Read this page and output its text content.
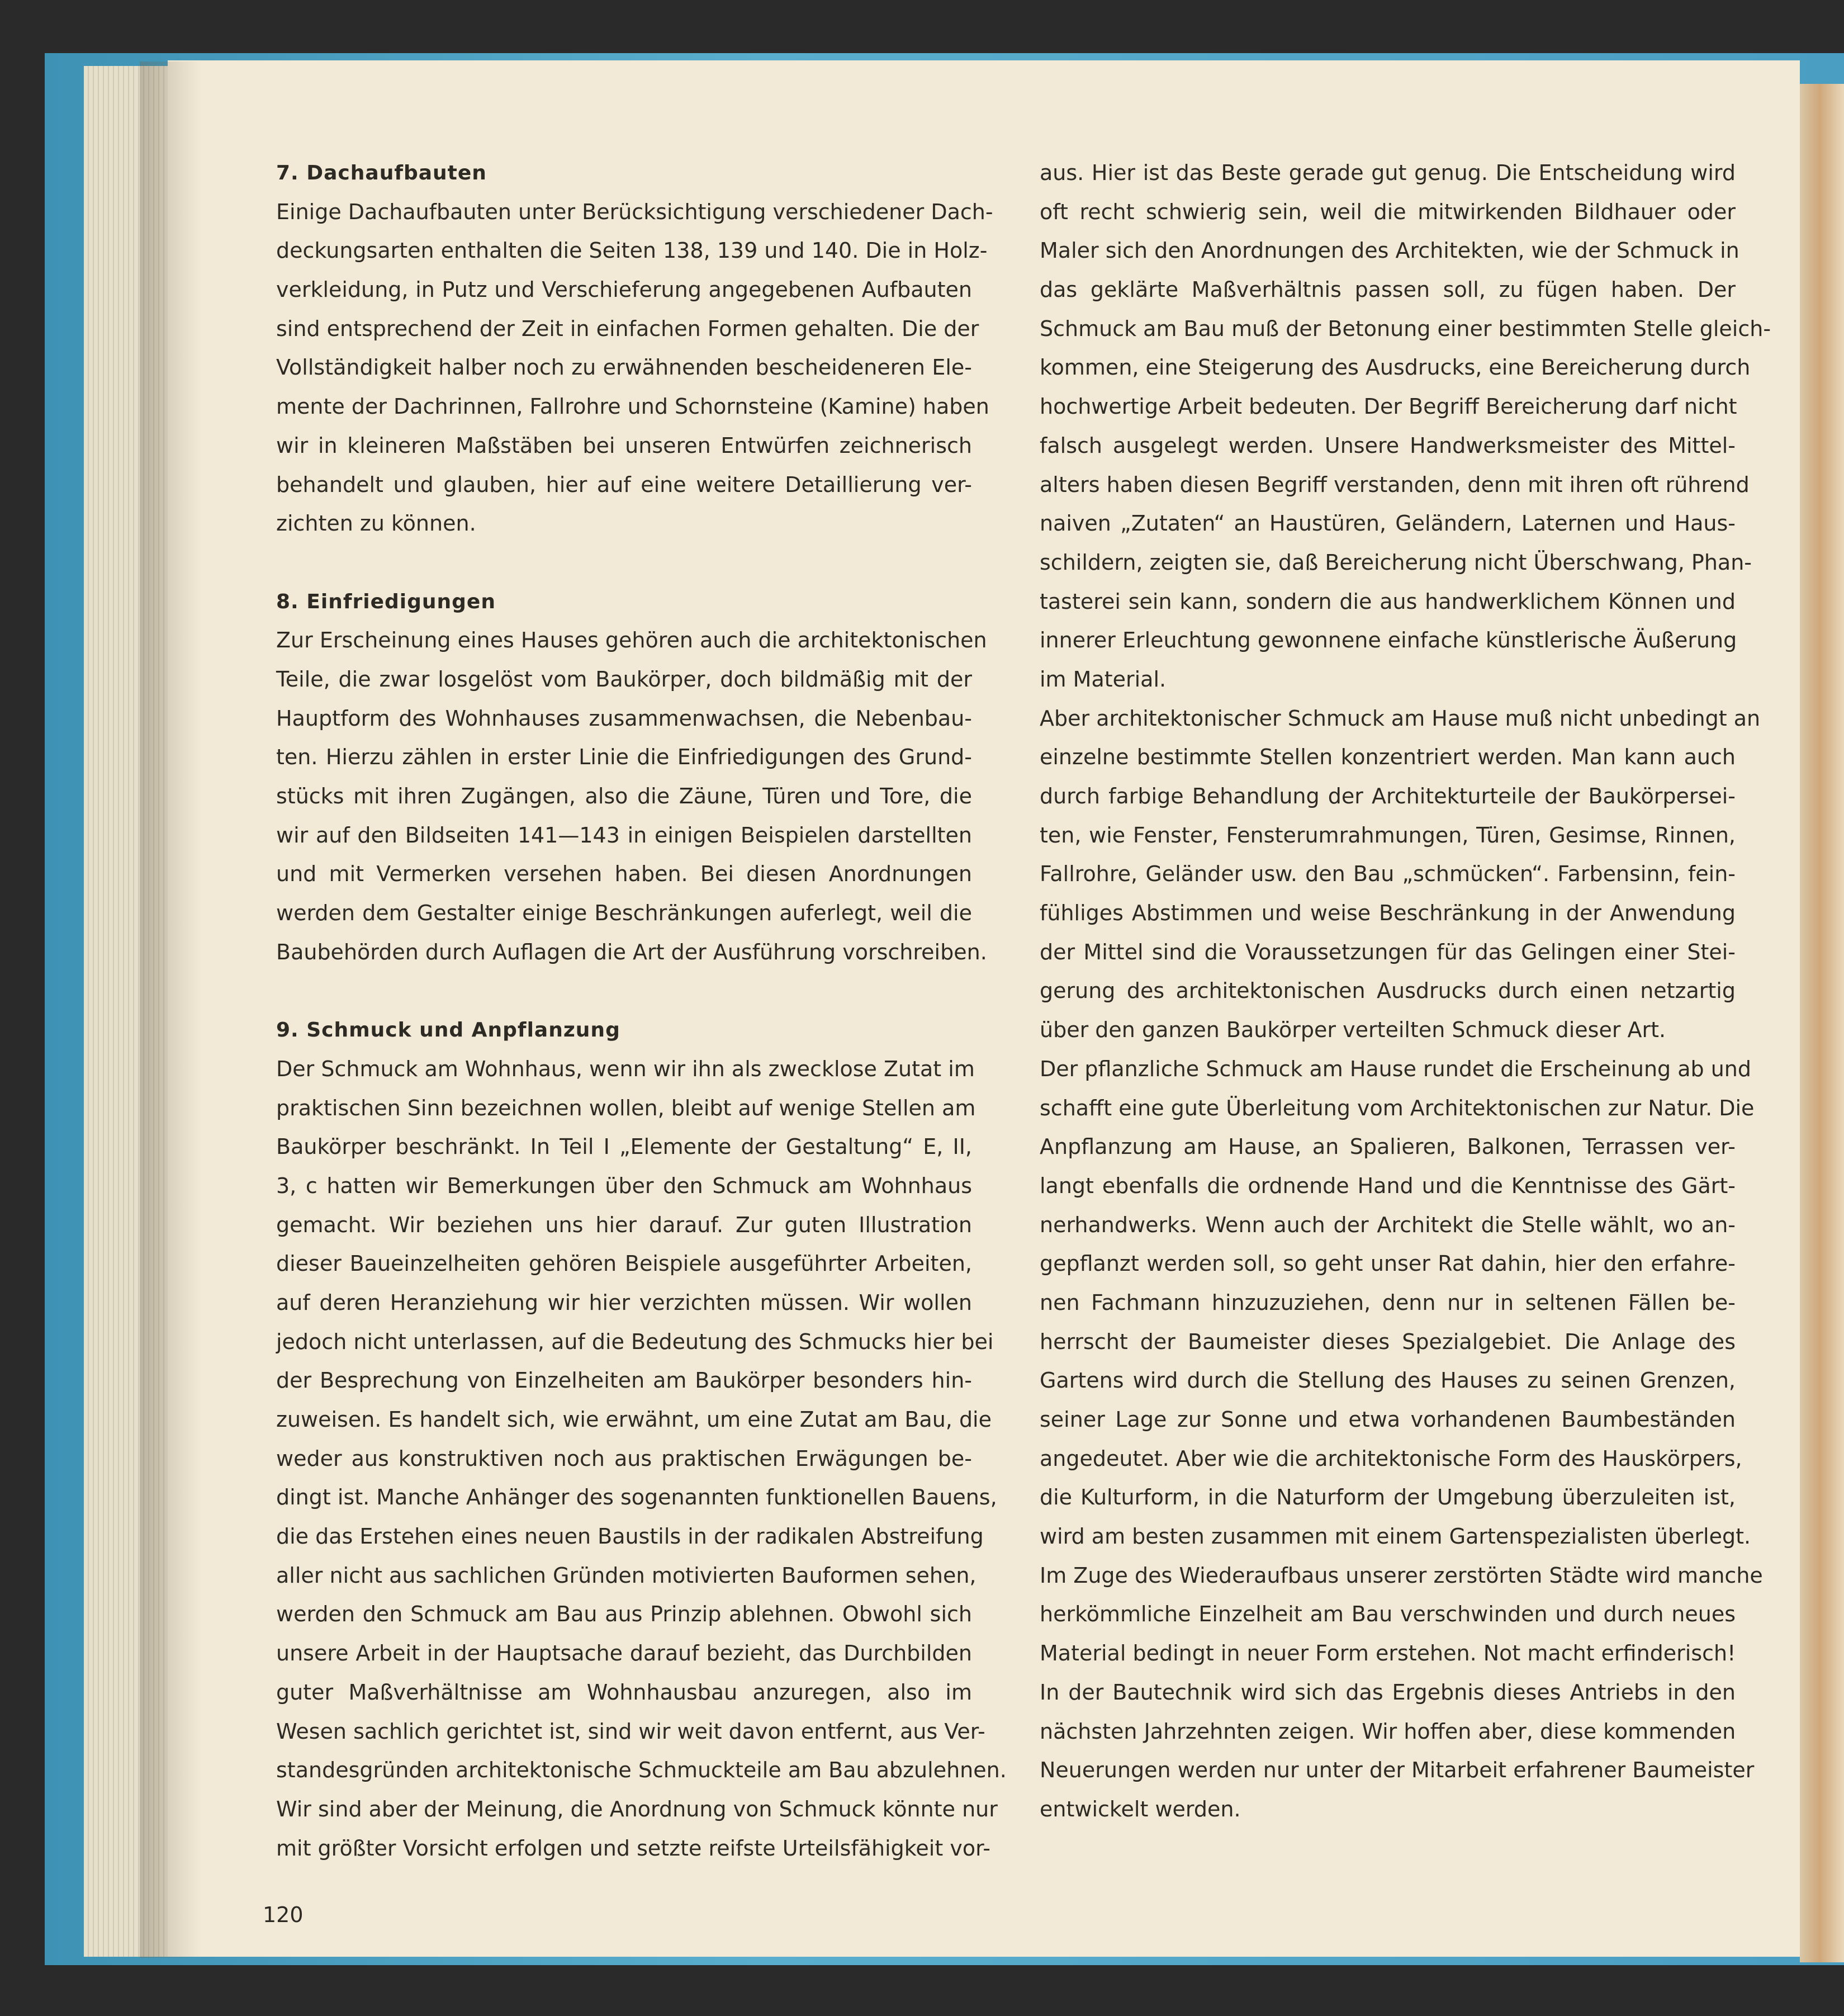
7. Dachaufbauten
Einige Dachaufbauten unter Berücksichtigung verschiedener Dach-
deckungsarten enthalten die Seiten 138, 139 und 140. Die in Holz-
verkleidung, in Putz und Verschieferung angegebenen Aufbauten
sind entsprechend der Zeit in einfachen Formen gehalten. Die der
Vollständigkeit halber noch zu erwähnenden bescheideneren Ele-
mente der Dachrinnen, Fallrohre und Schornsteine (Kamine) haben
wir in kleineren Maßstäben bei unseren Entwürfen zeichnerisch
behandelt und glauben, hier auf eine weitere Detaillierung ver-
zichten zu können.
8. Einfriedigungen
Zur Erscheinung eines Hauses gehören auch die architektonischen
Teile, die zwar losgelöst vom Baukörper, doch bildmäßig mit der
Hauptform des Wohnhauses zusammenwachsen, die Nebenbau-
ten. Hierzu zählen in erster Linie die Einfriedigungen des Grund-
stücks mit ihren Zugängen, also die Zäune, Türen und Tore, die
wir auf den Bildseiten 141—143 in einigen Beispielen darstellten
und mit Vermerken versehen haben. Bei diesen Anordnungen
werden dem Gestalter einige Beschränkungen auferlegt, weil die
Baubehörden durch Auflagen die Art der Ausführung vorschreiben.
9. Schmuck und Anpflanzung
Der Schmuck am Wohnhaus, wenn wir ihn als zwecklose Zutat im
praktischen Sinn bezeichnen wollen, bleibt auf wenige Stellen am
Baukörper beschränkt. In Teil I „Elemente der Gestaltung“ E, II,
3, c hatten wir Bemerkungen über den Schmuck am Wohnhaus
gemacht. Wir beziehen uns hier darauf. Zur guten Illustration
dieser Baueinzelheiten gehören Beispiele ausgeführter Arbeiten,
auf deren Heranziehung wir hier verzichten müssen. Wir wollen
jedoch nicht unterlassen, auf die Bedeutung des Schmucks hier bei
der Besprechung von Einzelheiten am Baukörper besonders hin-
zuweisen. Es handelt sich, wie erwähnt, um eine Zutat am Bau, die
weder aus konstruktiven noch aus praktischen Erwägungen be-
dingt ist. Manche Anhänger des sogenannten funktionellen Bauens,
die das Erstehen eines neuen Baustils in der radikalen Abstreifung
aller nicht aus sachlichen Gründen motivierten Bauformen sehen,
werden den Schmuck am Bau aus Prinzip ablehnen. Obwohl sich
unsere Arbeit in der Hauptsache darauf bezieht, das Durchbilden
guter Maßverhältnisse am Wohnhausbau anzuregen, also im
Wesen sachlich gerichtet ist, sind wir weit davon entfernt, aus Ver-
standesgründen architektonische Schmuckteile am Bau abzulehnen.
Wir sind aber der Meinung, die Anordnung von Schmuck könnte nur
mit größter Vorsicht erfolgen und setzte reifste Urteilsfähigkeit vor-
aus. Hier ist das Beste gerade gut genug. Die Entscheidung wird
oft recht schwierig sein, weil die mitwirkenden Bildhauer oder
Maler sich den Anordnungen des Architekten, wie der Schmuck in
das geklärte Maßverhältnis passen soll, zu fügen haben. Der
Schmuck am Bau muß der Betonung einer bestimmten Stelle gleich-
kommen, eine Steigerung des Ausdrucks, eine Bereicherung durch
hochwertige Arbeit bedeuten. Der Begriff Bereicherung darf nicht
falsch ausgelegt werden. Unsere Handwerksmeister des Mittel-
alters haben diesen Begriff verstanden, denn mit ihren oft rührend
naiven „Zutaten“ an Haustüren, Geländern, Laternen und Haus-
schildern, zeigten sie, daß Bereicherung nicht Überschwang, Phan-
tasterei sein kann, sondern die aus handwerklichem Können und
innerer Erleuchtung gewonnene einfache künstlerische Äußerung
im Material.
Aber architektonischer Schmuck am Hause muß nicht unbedingt an
einzelne bestimmte Stellen konzentriert werden. Man kann auch
durch farbige Behandlung der Architekturteile der Baukörpersei-
ten, wie Fenster, Fensterumrahmungen, Türen, Gesimse, Rinnen,
Fallrohre, Geländer usw. den Bau „schmücken“. Farbensinn, fein-
fühliges Abstimmen und weise Beschränkung in der Anwendung
der Mittel sind die Voraussetzungen für das Gelingen einer Stei-
gerung des architektonischen Ausdrucks durch einen netzartig
über den ganzen Baukörper verteilten Schmuck dieser Art.
Der pflanzliche Schmuck am Hause rundet die Erscheinung ab und
schafft eine gute Überleitung vom Architektonischen zur Natur. Die
Anpflanzung am Hause, an Spalieren, Balkonen, Terrassen ver-
langt ebenfalls die ordnende Hand und die Kenntnisse des Gärt-
nerhandwerks. Wenn auch der Architekt die Stelle wählt, wo an-
gepflanzt werden soll, so geht unser Rat dahin, hier den erfahre-
nen Fachmann hinzuzuziehen, denn nur in seltenen Fällen be-
herrscht der Baumeister dieses Spezialgebiet. Die Anlage des
Gartens wird durch die Stellung des Hauses zu seinen Grenzen,
seiner Lage zur Sonne und etwa vorhandenen Baumbeständen
angedeutet. Aber wie die architektonische Form des Hauskörpers,
die Kulturform, in die Naturform der Umgebung überzuleiten ist,
wird am besten zusammen mit einem Gartenspezialisten überlegt.
Im Zuge des Wiederaufbaus unserer zerstörten Städte wird manche
herkömmliche Einzelheit am Bau verschwinden und durch neues
Material bedingt in neuer Form erstehen. Not macht erfinderisch!
In der Bautechnik wird sich das Ergebnis dieses Antriebs in den
nächsten Jahrzehnten zeigen. Wir hoffen aber, diese kommenden
Neuerungen werden nur unter der Mitarbeit erfahrener Baumeister
entwickelt werden.
120
